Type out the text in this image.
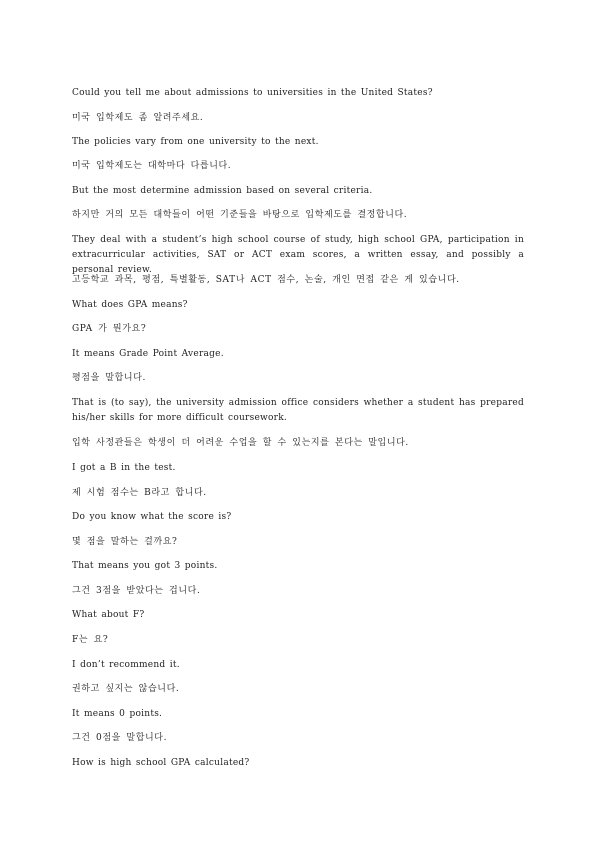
Could you tell me about admissions to universities in the United States?
미국 입학제도 좀 알려주세요.
The policies vary from one university to the next.
미국 입학제도는 대학마다 다릅니다.
But the most determine admission based on several criteria.
하지만 거의 모든 대학들이 어떤 기준들을 바탕으로 입학제도를 결정합니다.
They deal with a student’s high school course of study, high school GPA, participation in extracurricular activities, SAT or ACT exam scores, a written essay, and possibly a personal review.
고등학교 과목, 평점, 특별활동, SAT나 ACT 점수, 논술, 개인 면접 같은 게 있습니다.
What does GPA means?
GPA 가 뭔가요?
It means Grade Point Average.
평점을 말합니다.
That is (to say), the university admission office considers whether a student has prepared his/her skills for more difficult coursework.
입학 사정관들은 학생이 더 어려운 수업을 할 수 있는지를 본다는 말입니다.
I got a B in the test.
제 시험 점수는 B라고 합니다.
Do you know what the score is?
몇 점을 말하는 걸까요?
That means you got 3 points.
그건 3점을 받았다는 겁니다.
What about F?
F는 요?
I don’t recommend it.
권하고 싶지는 않습니다.
It means 0 points.
그건 0점을 말합니다.
How is high school GPA calculated?
